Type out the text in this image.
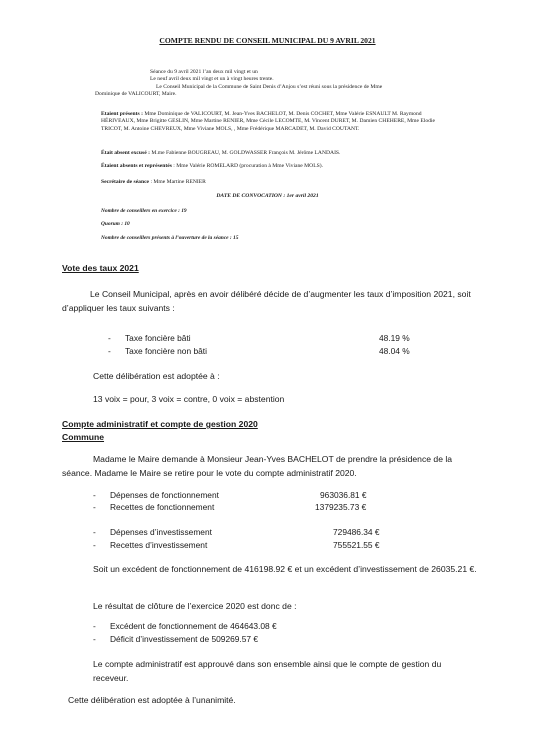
COMPTE RENDU DE CONSEIL MUNICIPAL DU 9 AVRIL 2021
Séance du 9 avril 2021 l’an deux mil vingt et un
Le neuf avril deux mil vingt et un à vingt heures trente.
Le Conseil Municipal de la Commune de Saint Denis d’Anjou s’est réuni sous la présidence de Mme
Dominique de VALICOURT, Maire.
Etaient présents : Mme Dominique de VALICOURT, M. Jean-Yves BACHELOT, M. Denis COCHET, Mme Valérie ESNAULT M. Raymond HÉRIVEAUX, Mme Brigitte GESLIN, Mme Martine RENIER, Mme Cécile LECOMTE, M. Vincent DURET, M. Damien CHEHERE, Mme Elodie TRICOT, M. Antoine CHEVREUX, Mme Viviane MOLS, , Mme Frédérique MARCADET, M. David COUTANT.
Était absent excusé : M.me Fabienne BOUGREAU, M. GOLDWASSER François M. Jérôme LANDAIS.
Étaient absents et représentés : Mme Valérie ROMELARD (procuration à Mme Viviane MOLS).
Secrétaire de séance : Mme Martine RENIER
DATE DE CONVOCATION : 1er avril 2021
Nombre de conseillers en exercice : 19
Quorum : 10
Nombre de conseillers présents à l’ouverture de la séance : 15
Vote des taux 2021
Le Conseil Municipal, après en avoir délibéré décide de d’augmenter les taux d’imposition 2021, soit d’appliquer les taux suivants :
- Taxe foncière bâti	48.19 %
- Taxe foncière non bâti	48.04 %
Cette délibération est adoptée à :
13 voix = pour, 3 voix = contre, 0 voix = abstention
Compte administratif et compte de gestion 2020
Commune
Madame le Maire demande à Monsieur Jean-Yves BACHELOT de prendre la présidence de la séance. Madame le Maire se retire pour le vote du compte administratif 2020.
- Dépenses de fonctionnement	963036.81 €
- Recettes de fonctionnement	1379235.73 €
- Dépenses d’investissement	729486.34 €
- Recettes d’investissement	755521.55 €
Soit un excédent de fonctionnement de 416198.92 € et un excédent d’investissement de 26035.21 €.
Le résultat de clôture de l’exercice 2020 est donc de :
- Excédent de fonctionnement de 464643.08 €
- Déficit d’investissement de 509269.57 €
Le compte administratif est approuvé dans son ensemble ainsi que le compte de gestion du receveur.
Cette délibération est adoptée à l’unanimité.
